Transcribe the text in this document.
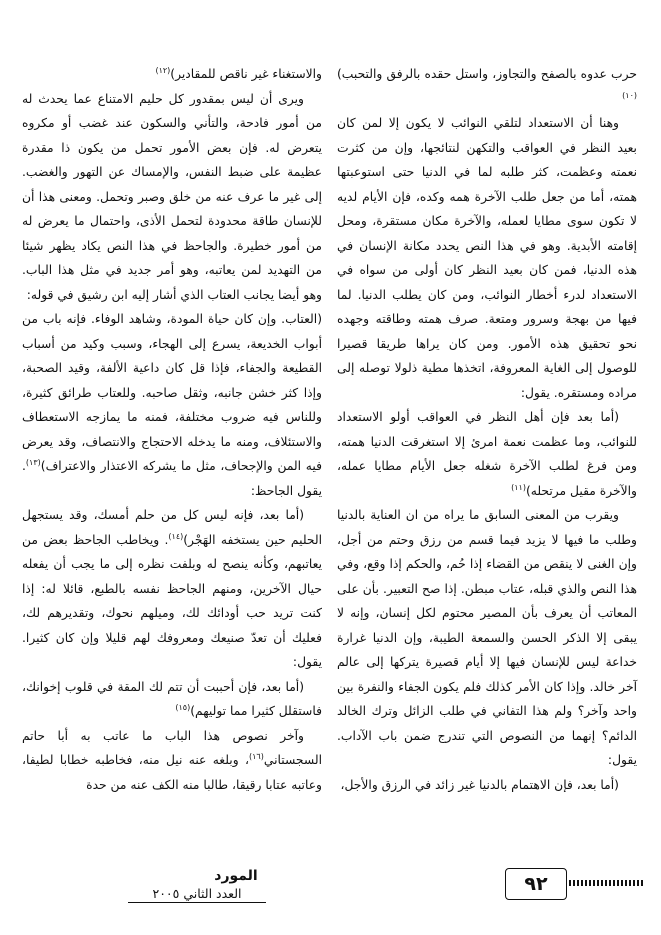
حرب عدوه بالصفح والتجاوز، واستل حقده بالرفق والتحبب)$^{(١٠)}$

وهنا أن الاستعداد لتلقي النوائب لا يكون إلا لمن كان بعيد النظر في العواقب والتكهن لنتائجها، وإن من كثرت نعمته وعظمت، كثر طلبه لما في الدنيا حتى استوعبتها همته، أما من جعل طلب الآخرة همه وكده، فإن الأيام لديه لا تكون سوى مطايا لعمله، والآخرة مكان مستقرة، ومحل إقامته الأبدية. وهو في هذا النص يحدد مكانة الإنسان في هذه الدنيا، فمن كان بعيد النظر كان أولى من سواه في الاستعداد لدرء أخطار النوائب، ومن كان يطلب الدنيا. لما فيها من بهجة وسرور ومتعة. صرف همته وطاقته وجهده نحو تحقيق هذه الأمور. ومن كان يراها طريقا قصيرا للوصول إلى الغاية المعروفة، اتخذها مطية ذلولا توصله إلى مراده ومستقره. يقول:

(أما بعد فإن أهل النظر في العواقب أولو الاستعداد للنوائب، وما عظمت نعمة امرئ إلا استغرقت الدنيا همته، ومن فرغ لطلب الآخرة شغله جعل الأيام مطايا عمله، والآخرة مقيل مرتحله)$^{(١١)}$

ويقرب من المعنى السابق ما يراه من ان العناية بالدنيا وطلب ما فيها لا يزيد فيما قسم من رزق وحتم من أجل، وإن الغنى لا ينقص من القضاء إذا حُم، والحكم إذا وقع، وفي هذا النص والذي قبله، عتاب مبطن. إذا صح التعبير. بأن على المعاتب أن يعرف بأن المصير محتوم لكل إنسان، وإنه لا يبقى إلا الذكر الحسن والسمعة الطيبة، وإن الدنيا غرارة خداعة ليس للإنسان فيها إلا أيام قصيرة يتركها إلى عالم آخر خالد. وإذا كان الأمر كذلك فلم يكون الجفاء والنفرة بين واحد وآخر؟ ولم هذا التفاني في طلب الزائل وترك الخالد الدائم؟ إنهما من النصوص التي تندرج ضمن باب الآداب. يقول:

(أما بعد، فإن الاهتمام بالدنيا غير زائد في الرزق والأجل،

والاستغناء غير ناقص للمقادير)$^{(١٢)}$

ويرى أن ليس بمقدور كل حليم الامتناع عما يحدث له من أمور فادحة، والتأني والسكون عند غضب أو مكروه يتعرض له. فإن بعض الأمور تحمل من يكون ذا مقدرة عظيمة على ضبط النفس، والإمساك عن التهور والغضب. إلى غير ما عرف عنه من خلق وصبر وتحمل. ومعنى هذا أن للإنسان طاقة محدودة لتحمل الأذى، واحتمال ما يعرض له من أمور خطيرة. والجاحظ في هذا النص يكاد يظهر شيئا من التهديد لمن يعاتبه، وهو أمر جديد في مثل هذا الباب. وهو أيضا يجانب العتاب الذي أشار إليه ابن رشيق في قوله:

(العتاب. وإن كان حياة المودة، وشاهد الوفاء. فإنه باب من أبواب الخديعة، يسرع إلى الهجاء، وسبب وكيد من أسباب القطيعة والجفاء، فإذا قل كان داعية الألفة، وقيد الصحبة، وإذا كثر خشن جانبه، وثقل صاحبه. وللعتاب طرائق كثيرة، وللناس فيه ضروب مختلفة، فمنه ما يمازجه الاستعطاف والاستئلاف، ومنه ما يدخله الاحتجاج والانتصاف، وقد يعرض فيه المن والإجحاف، مثل ما يشركه الاعتذار والاعتراف)$^{(١٣)}$. يقول الجاحظ:

(أما بعد، فإنه ليس كل من حلم أمسك، وقد يستجهل الحليم حين يستخفه الهَجْر)$^{(١٤)}$. ويخاطب الجاحظ بعض من يعاتبهم، وكأنه ينصح له وبلفت نظره إلى ما يجب أن يفعله حيال الآخرين، ومنهم الجاحظ نفسه بالطبع، قائلا له: إذا كنت تريد حب أودائك لك، وميلهم نحوك، وتقديرهم لك، فعليك أن تعدّ صنيعك ومعروفك لهم قليلا وإن كان كثيرا. يقول:

(أما بعد، فإن أحببت أن تتم لك المقة في قلوب إخوانك، فاستقلل كثيرا مما توليهم)$^{(١٥)}$

وآخر نصوص هذا الباب ما عاتب به أبا حاتم السجستاني$^{(١٦)}$، وبلغه عنه نيل منه، فخاطبه خطابا لطيفا، وعاتبه عتابا رقيقا، طالبا منه الكف عنه من حدة

٩٢
المورد
العدد الثاني ٢٠٠٥
